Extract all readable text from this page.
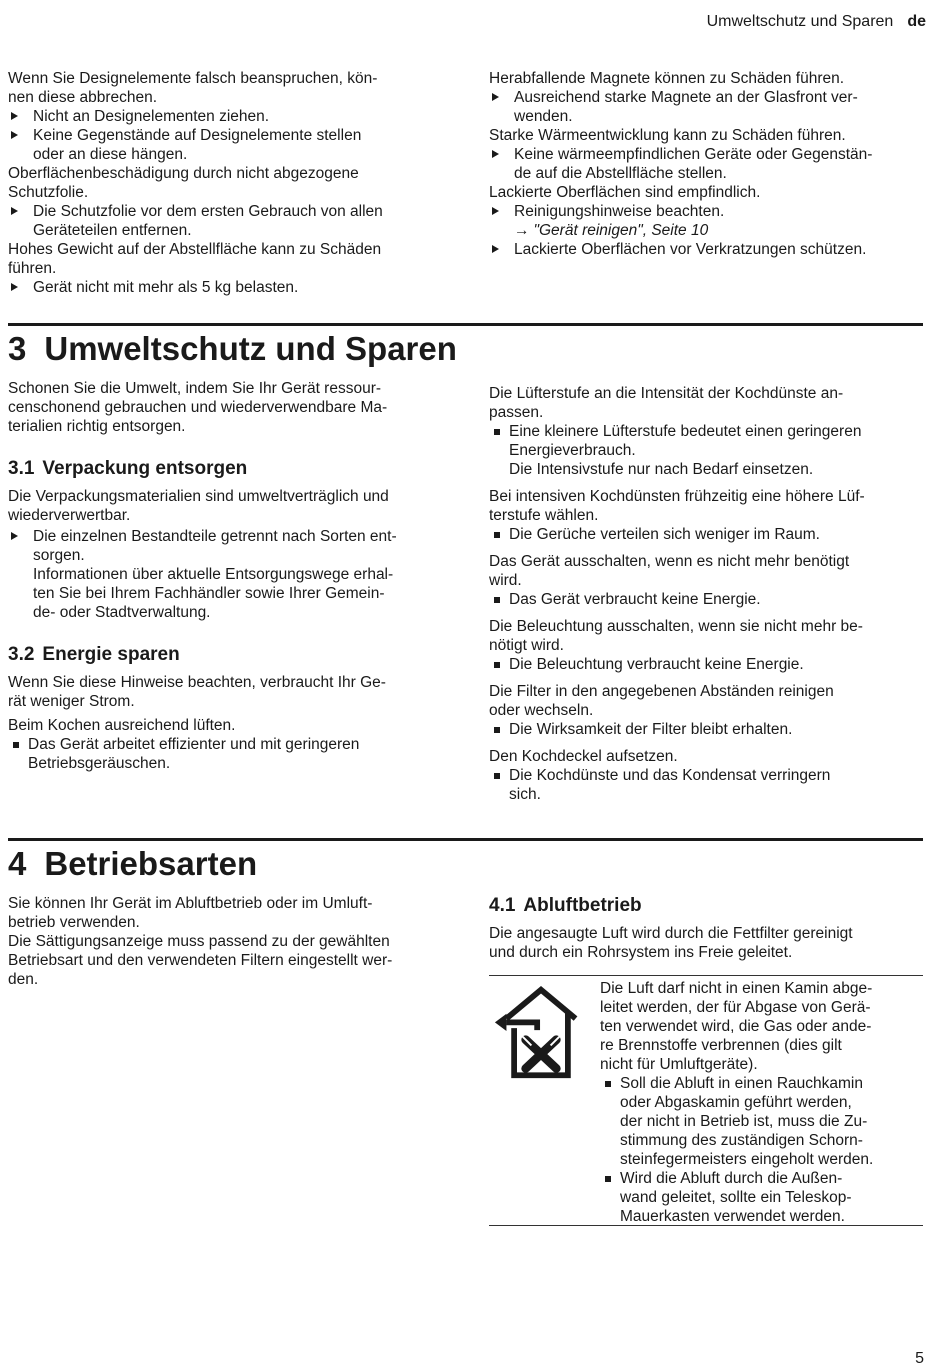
Umweltschutz und Sparen de

Wenn Sie Designelemente falsch beanspruchen, kön-
nen diese abbrechen.

Nicht an Designelementen ziehen.

Keine Gegenstände auf Designelemente stellen
oder an diese hängen.

Oberflächenbeschädigung durch nicht abgezogene
Schutzfolie.

Die Schutzfolie vor dem ersten Gebrauch von allen
Geräteteilen entfernen.

Hohes Gewicht auf der Abstellfläche kann zu Schäden
führen.

Gerät nicht mit mehr als 5 kg belasten.

Herabfallende Magnete können zu Schäden führen.

Ausreichend starke Magnete an der Glasfront ver-
wenden.

Starke Wärmeentwicklung kann zu Schäden führen.

Keine wärmeempfindlichen Geräte oder Gegenstän-
de auf die Abstellfläche stellen.

Lackierte Oberflächen sind empfindlich.

Reinigungshinweise beachten.

→ "Gerät reinigen", Seite 10

Lackierte Oberflächen vor Verkratzungen schützen.

3 Umweltschutz und Sparen

Schonen Sie die Umwelt, indem Sie Ihr Gerät ressour-
censchonend gebrauchen und wiederverwendbare Ma-
terialien richtig entsorgen.

3.1 Verpackung entsorgen

Die Verpackungsmaterialien sind umweltverträglich und
wiederverwertbar.

Die einzelnen Bestandteile getrennt nach Sorten ent-
sorgen.
Informationen über aktuelle Entsorgungswege erhal-
ten Sie bei Ihrem Fachhändler sowie Ihrer Gemein-
de- oder Stadtverwaltung.

3.2 Energie sparen

Wenn Sie diese Hinweise beachten, verbraucht Ihr Ge-
rät weniger Strom.

Beim Kochen ausreichend lüften.

Das Gerät arbeitet effizienter und mit geringeren
Betriebsgeräuschen.

Die Lüfterstufe an die Intensität der Kochdünste an-
passen.

Eine kleinere Lüfterstufe bedeutet einen geringeren
Energieverbrauch.
Die Intensivstufe nur nach Bedarf einsetzen.

Bei intensiven Kochdünsten frühzeitig eine höhere Lüf-
terstufe wählen.

Die Gerüche verteilen sich weniger im Raum.

Das Gerät ausschalten, wenn es nicht mehr benötigt
wird.

Das Gerät verbraucht keine Energie.

Die Beleuchtung ausschalten, wenn sie nicht mehr be-
nötigt wird.

Die Beleuchtung verbraucht keine Energie.

Die Filter in den angegebenen Abständen reinigen
oder wechseln.

Die Wirksamkeit der Filter bleibt erhalten.

Den Kochdeckel aufsetzen.

Die Kochdünste und das Kondensat verringern
sich.

4 Betriebsarten

Sie können Ihr Gerät im Abluftbetrieb oder im Umluft-
betrieb verwenden.
Die Sättigungsanzeige muss passend zu der gewählten
Betriebsart und den verwendeten Filtern eingestellt wer-
den.

4.1 Abluftbetrieb

Die angesaugte Luft wird durch die Fettfilter gereinigt
und durch ein Rohrsystem ins Freie geleitet.

Die Luft darf nicht in einen Kamin abge-
leitet werden, der für Abgase von Gerä-
ten verwendet wird, die Gas oder ande-
re Brennstoffe verbrennen (dies gilt
nicht für Umluftgeräte).

Soll die Abluft in einen Rauchkamin
oder Abgaskamin geführt werden,
der nicht in Betrieb ist, muss die Zu-
stimmung des zuständigen Schorn-
steinfegermeisters eingeholt werden.

Wird die Abluft durch die Außen-
wand geleitet, sollte ein Teleskop-
Mauerkasten verwendet werden.

5
